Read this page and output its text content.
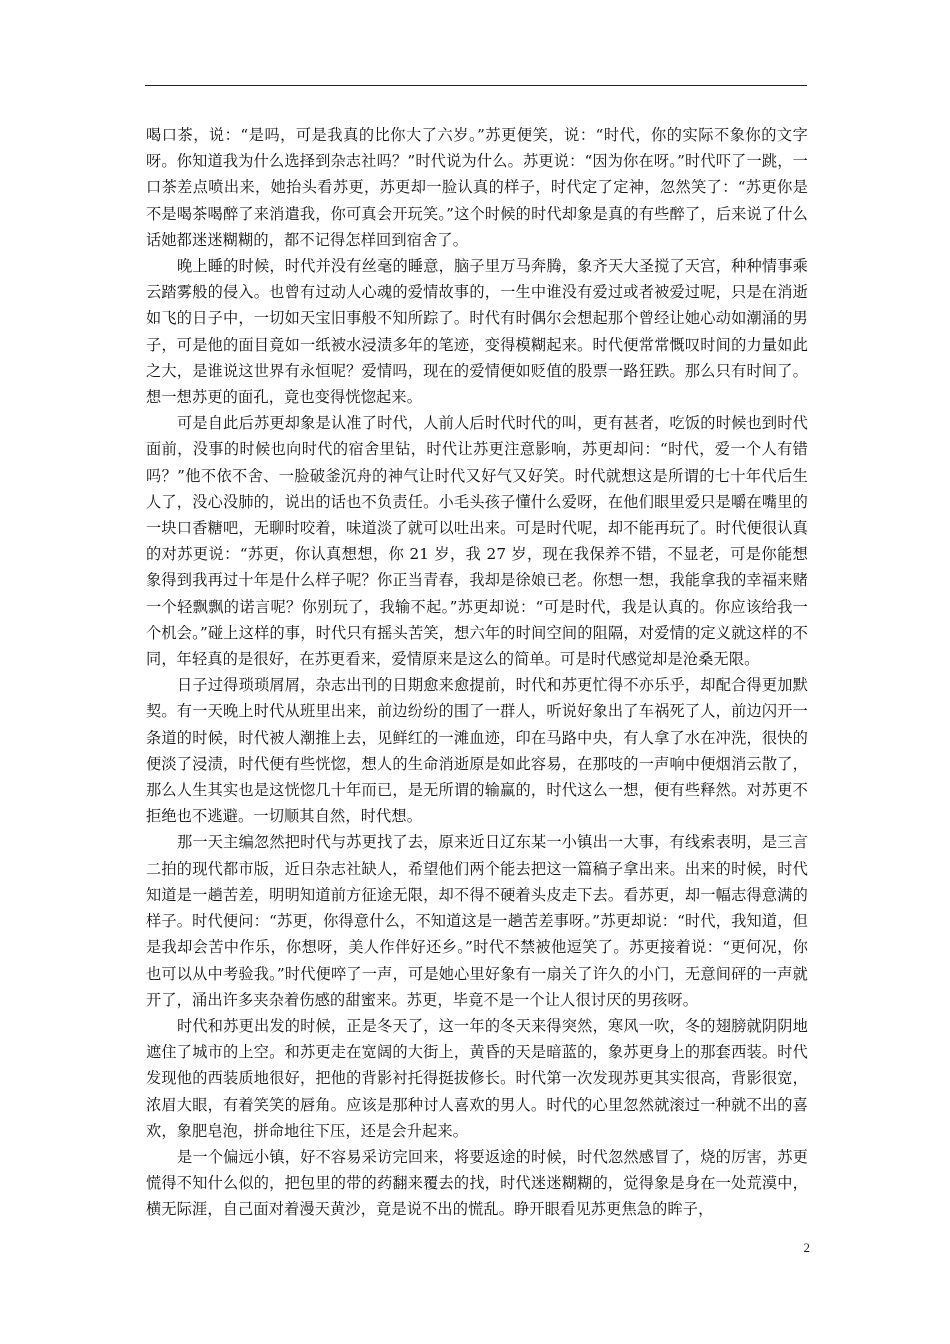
喝口茶，说：“是吗，可是我真的比你大了六岁。”苏更便笑，说：“时代，你的实际不象你的文字呀。你知道我为什么选择到杂志社吗？”时代说为什么。苏更说：“因为你在呀。”时代吓了一跳，一口茶差点喷出来，她抬头看苏更，苏更却一脸认真的样子，时代定了定神，忽然笑了：“苏更你是不是喝茶喝醉了来消遣我，你可真会开玩笑。”这个时候的时代却象是真的有些醉了，后来说了什么话她都迷迷糊糊的，都不记得怎样回到宿舍了。

晚上睡的时候，时代并没有丝毫的睡意，脑子里万马奔腾，象齐天大圣搅了天宫，种种情事乘云踏雾般的侵入。也曾有过动人心魂的爱情故事的，一生中谁没有爱过或者被爱过呢，只是在消逝如飞的日子中，一切如天宝旧事般不知所踪了。时代有时偶尔会想起那个曾经让她心动如潮涌的男子，可是他的面目竟如一纸被水浸渍多年的笔迹，变得模糊起来。时代便常常慨叹时间的力量如此之大，是谁说这世界有永恒呢？爱情吗，现在的爱情便如贬值的股票一路狂跌。那么只有时间了。想一想苏更的面孔，竟也变得恍惚起来。

可是自此后苏更却象是认准了时代，人前人后时代时代的叫，更有甚者，吃饭的时候也到时代面前，没事的时候也向时代的宿舍里钻，时代让苏更注意影响，苏更却问：“时代，爱一个人有错吗？”他不依不舍、一脸破釜沉舟的神气让时代又好气又好笑。时代就想这是所谓的七十年代后生人了，没心没肺的，说出的话也不负责任。小毛头孩子懂什么爱呀，在他们眼里爱只是嚼在嘴里的一块口香糖吧，无聊时咬着，味道淡了就可以吐出来。可是时代呢，却不能再玩了。时代便很认真的对苏更说：“苏更，你认真想想，你 21 岁，我 27 岁，现在我保养不错，不显老，可是你能想象得到我再过十年是什么样子呢？你正当青春，我却是徐娘已老。你想一想，我能拿我的幸福来赌一个轻飘飘的诺言呢？你别玩了，我输不起。”苏更却说：“可是时代，我是认真的。你应该给我一个机会。”碰上这样的事，时代只有摇头苦笑，想六年的时间空间的阻隔，对爱情的定义就这样的不同，年轻真的是很好，在苏更看来，爱情原来是这么的简单。可是时代感觉却是沧桑无限。

日子过得琐琐屑屑，杂志出刊的日期愈来愈提前，时代和苏更忙得不亦乐乎，却配合得更加默契。有一天晚上时代从班里出来，前边纷纷的围了一群人，听说好象出了车祸死了人，前边闪开一条道的时候，时代被人潮推上去，见鲜红的一滩血迹，印在马路中央，有人拿了水在冲洗，很快的便淡了浸渍，时代便有些恍惚，想人的生命消逝原是如此容易，在那吱的一声响中便烟消云散了，那么人生其实也是这恍惚几十年而已，是无所谓的输赢的，时代这么一想，便有些释然。对苏更不拒绝也不逃避。一切顺其自然，时代想。

那一天主编忽然把时代与苏更找了去，原来近日辽东某一小镇出一大事，有线索表明，是三言二拍的现代都市版，近日杂志社缺人，希望他们两个能去把这一篇稿子拿出来。出来的时候，时代知道是一趟苦差，明明知道前方征途无限，却不得不硬着头皮走下去。看苏更，却一幅志得意满的样子。时代便问：“苏更，你得意什么，不知道这是一趟苦差事呀。”苏更却说：“时代，我知道，但是我却会苦中作乐，你想呀，美人作伴好还乡。”时代不禁被他逗笑了。苏更接着说：“更何况，你也可以从中考验我。”时代便啐了一声，可是她心里好象有一扇关了许久的小门，无意间砰的一声就开了，涌出许多夹杂着伤感的甜蜜来。苏更，毕竟不是一个让人很讨厌的男孩呀。

时代和苏更出发的时候，正是冬天了，这一年的冬天来得突然，寒风一吹，冬的翅膀就阴阴地遮住了城市的上空。和苏更走在宽阔的大街上，黄昏的天是暗蓝的，象苏更身上的那套西装。时代发现他的西装质地很好，把他的背影衬托得挺拔修长。时代第一次发现苏更其实很高，背影很宽，浓眉大眼，有着笑笑的唇角。应该是那种讨人喜欢的男人。时代的心里忽然就滚过一种就不出的喜欢，象肥皂泡，拼命地往下压，还是会升起来。

是一个偏远小镇，好不容易采访完回来，将要返途的时候，时代忽然感冒了，烧的厉害，苏更慌得不知什么似的，把包里的带的药翻来覆去的找，时代迷迷糊糊的，觉得象是身在一处荒漠中，横无际涯，自己面对着漫天黄沙，竟是说不出的慌乱。睁开眼看见苏更焦急的眸子，

2
